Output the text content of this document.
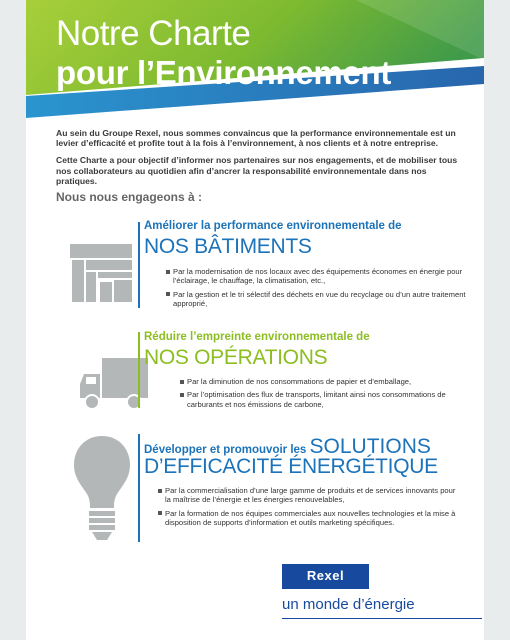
Notre Charte
pour l’Environnement

Au sein du Groupe Rexel, nous sommes convaincus que la performance environnementale est un levier d’efficacité et profite tout à la fois à l’environnement, à nos clients et à notre entreprise.

Cette Charte a pour objectif d’informer nos partenaires sur nos engagements, et de mobiliser tous nos collaborateurs au quotidien afin d’ancrer la responsabilité environnementale dans nos pratiques.

Nous nous engageons à :
Améliorer la performance environnementale de
NOS BÂTIMENTS
Par la modernisation de nos locaux avec des équipements économes en énergie pour l’éclairage, le chauffage, la climatisation, etc.,
Par la gestion et le tri sélectif des déchets en vue du recyclage ou d’un autre traitement approprié,
Réduire l’empreinte environnementale de
NOS OPÉRATIONS
Par la diminution de nos consommations de papier et d’emballage,
Par l’optimisation des flux de transports, limitant ainsi nos consommations de carburants et nos émissions de carbone,
Développer et promouvoir les SOLUTIONS
D’EFFICACITÉ ÉNERGÉTIQUE
Par la commercialisation d’une large gamme de produits et de services innovants pour la maîtrise de l’énergie et les énergies renouvelables,
Par la formation de nos équipes commerciales aux nouvelles technologies et la mise à disposition de supports d’information et outils marketing spécifiques.
Rexel
un monde d’énergie
